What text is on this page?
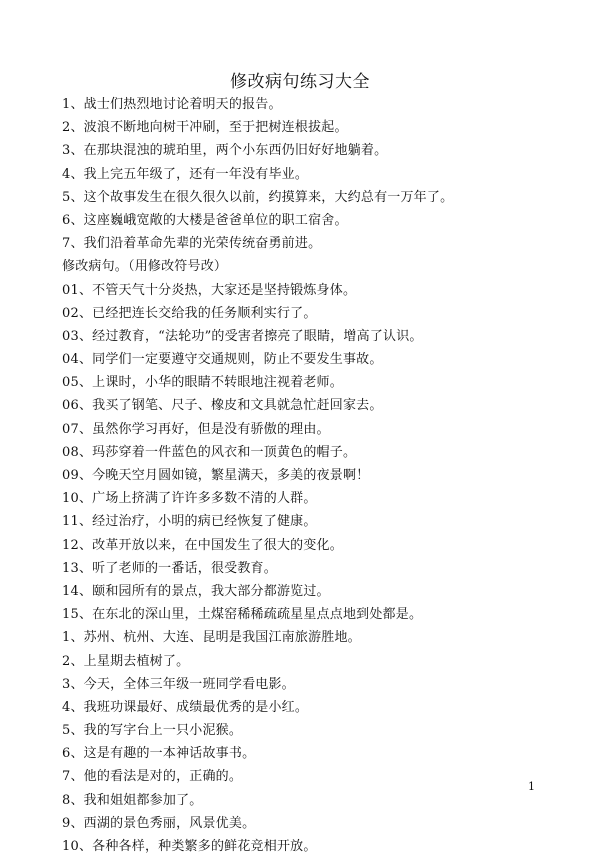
修改病句练习大全
1、战士们热烈地讨论着明天的报告。
2、波浪不断地向树干冲刷，至于把树连根拔起。
3、在那块混浊的琥珀里，两个小东西仍旧好好地躺着。
4、我上完五年级了，还有一年没有毕业。
5、这个故事发生在很久很久以前，约摸算来，大约总有一万年了。
6、这座巍峨宽敞的大楼是爸爸单位的职工宿舍。
7、我们沿着革命先辈的光荣传统奋勇前进。
修改病句。（用修改符号改）
01、不管天气十分炎热，大家还是坚持锻炼身体。
02、已经把连长交给我的任务顺利实行了。
03、经过教育，“法轮功”的受害者擦亮了眼睛，增高了认识。
04、同学们一定要遵守交通规则，防止不要发生事故。
05、上课时，小华的眼睛不转眼地注视着老师。
06、我买了钢笔、尺子、橡皮和文具就急忙赶回家去。
07、虽然你学习再好，但是没有骄傲的理由。
08、玛莎穿着一件蓝色的风衣和一顶黄色的帽子。
09、今晚天空月圆如镜，繁星满天，多美的夜景啊！
10、广场上挤满了许许多多数不清的人群。
11、经过治疗，小明的病已经恢复了健康。
12、改革开放以来，在中国发生了很大的变化。
13、听了老师的一番话，很受教育。
14、颐和园所有的景点，我大部分都游览过。
15、在东北的深山里，土煤窑稀稀疏疏星星点点地到处都是。
1、苏州、杭州、大连、昆明是我国江南旅游胜地。
2、上星期去植树了。
3、今天，全体三年级一班同学看电影。
4、我班功课最好、成绩最优秀的是小红。
5、我的写字台上一只小泥猴。
6、这是有趣的一本神话故事书。
7、他的看法是对的，正确的。
8、我和姐姐都参加了。
9、西湖的景色秀丽，风景优美。
10、各种各样，种类繁多的鲜花竞相开放。
1
